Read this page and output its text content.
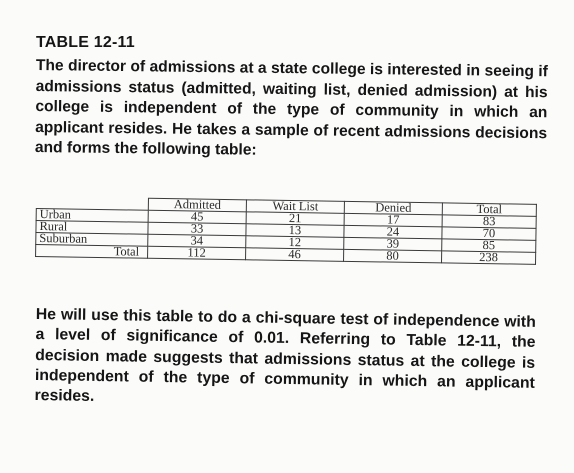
TABLE 12-11

The director of admissions at a state college is interested in seeing if admissions status (admitted, waiting list, denied admission) at his college is independent of the type of community in which an applicant resides. He takes a sample of recent admissions decisions and forms the following table:

	Admitted	Wait List	Denied	Total
Urban	45	21	17	83
Rural	33	13	24	70
Suburban	34	12	39	85
Total	112	46	80	238

He will use this table to do a chi-square test of independence with a level of significance of 0.01. Referring to Table 12-11, the decision made suggests that admissions status at the college is independent of the type of community in which an applicant resides.
